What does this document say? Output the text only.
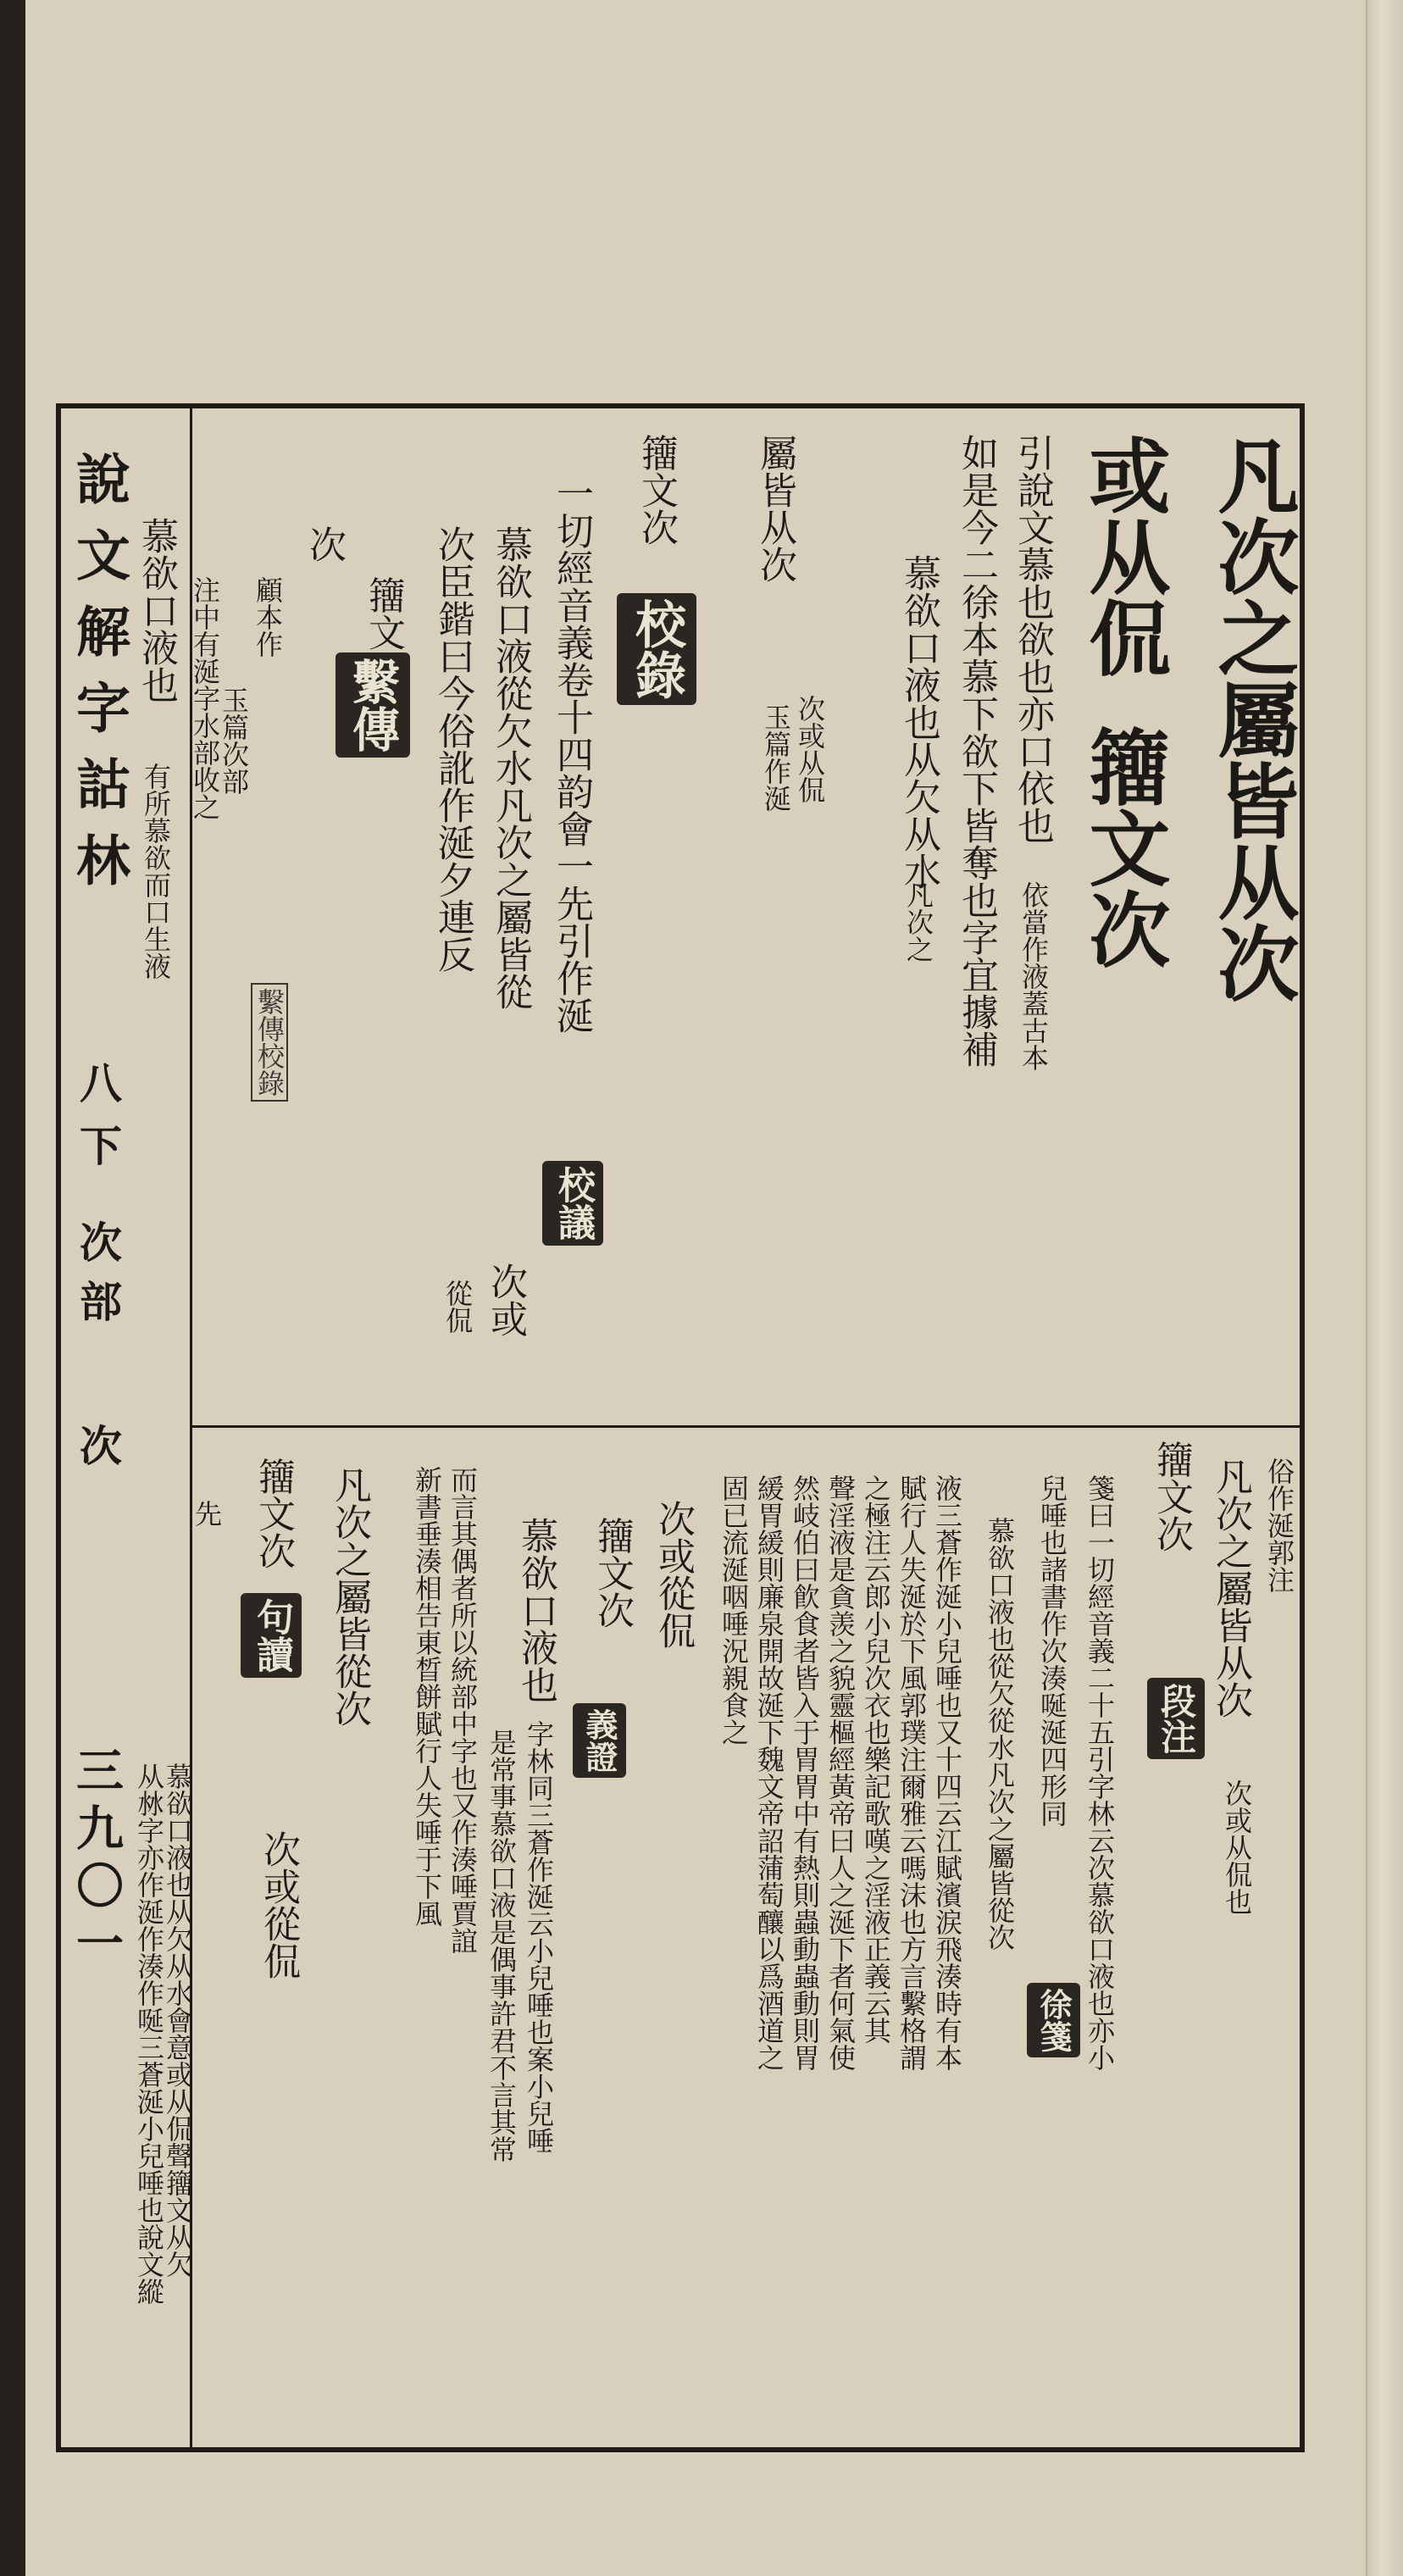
說文解字詁林
八下
次部
次
三九〇一
凡次之屬皆从次
或从侃
籒文次
引說文慕也欲也亦口依也
依當作液蓋古本
如是今二徐本慕下欲下皆奪也字宜據補
慕欲口液也从欠从水
凡次之
屬皆从次
次或从侃
玉篇作涎
籒文次
校錄
一切經音義卷十四韵會一先引作涎
校議
慕欲口液從欠水凡次之屬皆從
次或
次臣鍇曰今俗訛作涎夕連反
從侃
籒文
繫傳
次
顧本作
玉篇次部
注中有涎字水部收之
繫傳校錄
慕欲口液也
有所慕欲而口生液
俗作涎郭注
凡次之屬皆从次
次或从侃也
籒文次
段注
箋曰一切經音義二十五引字林云次慕欲口液也亦小
兒唾也諸書作次湊唌涎四形同
徐箋
慕欲口液也從欠從水凡次之屬皆從次
液三蒼作涎小兒唾也又十四云江賦濱涙飛湊時有本
賦行人失涎於下風郭璞注爾雅云嗎沫也方言繫格謂
之極注云郎小兒次衣也樂記歌嘆之淫液正義云其
聲淫液是貪羡之貌靈樞經黃帝曰人之涎下者何氣使
然岐伯曰飮食者皆入于胃胃中有熱則蟲動蟲動則胃
緩胃緩則廉泉開故涎下魏文帝詔蒲萄釀以爲酒道之
固已流涎咽唾況親食之
次或從侃
籒文次
義證
慕欲口液也
字林同三蒼作涎云小兒唾也案小兒唾
是常事慕欲口液是偶事許君不言其常
而言其偶者所以統部中字也又作湊唾賈誼
新書垂湊相告東晳餅賦行人失唾于下風
凡次之屬皆從次
次或從侃
籒文次
句讀
先
慕欲口液也从欠从水會意或从侃聲籒文从欠
从沝字亦作涎作湊作唌三蒼涎小兒唾也說文縱
